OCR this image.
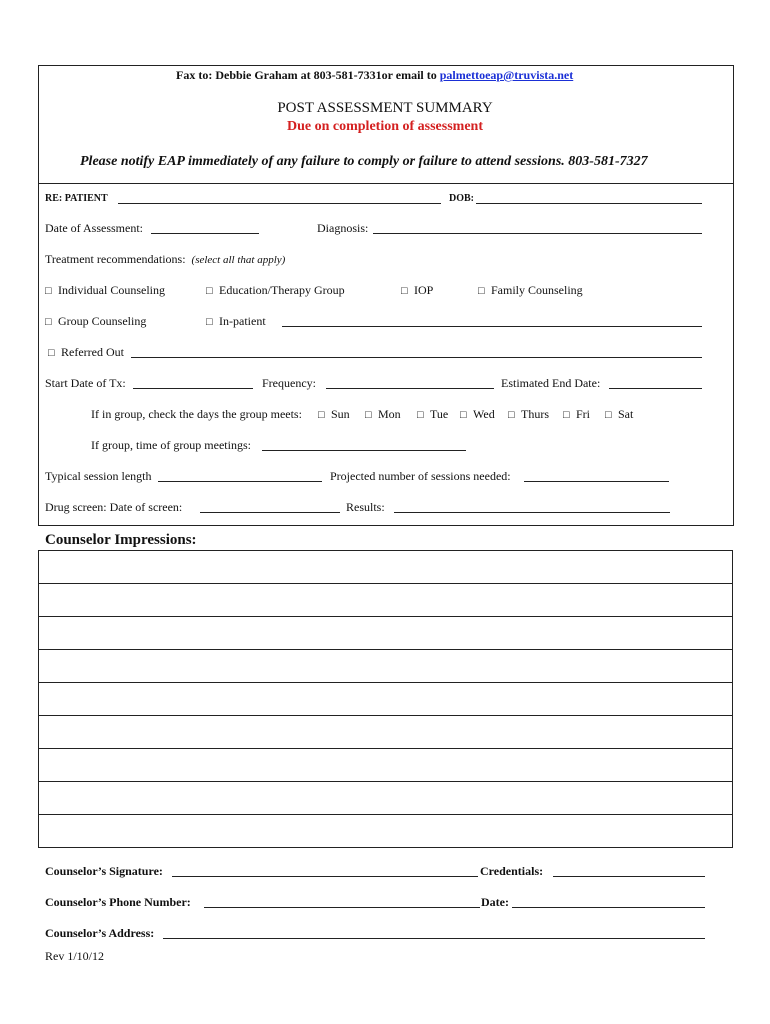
Fax to: Debbie Graham at 803-581-7331or email to palmettoeap@truvista.net
POST ASSESSMENT SUMMARY
Due on completion of assessment
Please notify EAP immediately of any failure to comply or failure to attend sessions. 803-581-7327
RE: PATIENT	DOB:
Date of Assessment:	Diagnosis:
Treatment recommendations: (select all that apply)
□ Individual Counseling	□ Education/Therapy Group	□ IOP	□ Family Counseling
□ Group Counseling	□ In-patient
□ Referred Out
Start Date of Tx:	Frequency:	Estimated End Date:
If in group, check the days the group meets: □ Sun □ Mon □ Tue □ Wed □ Thurs □ Fri □ Sat
If group, time of group meetings:
Typical session length	Projected number of sessions needed:
Drug screen: Date of screen:	Results:
Counselor Impressions:
Counselor’s Signature:	Credentials:
Counselor’s Phone Number:	Date:
Counselor’s Address:
Rev 1/10/12
